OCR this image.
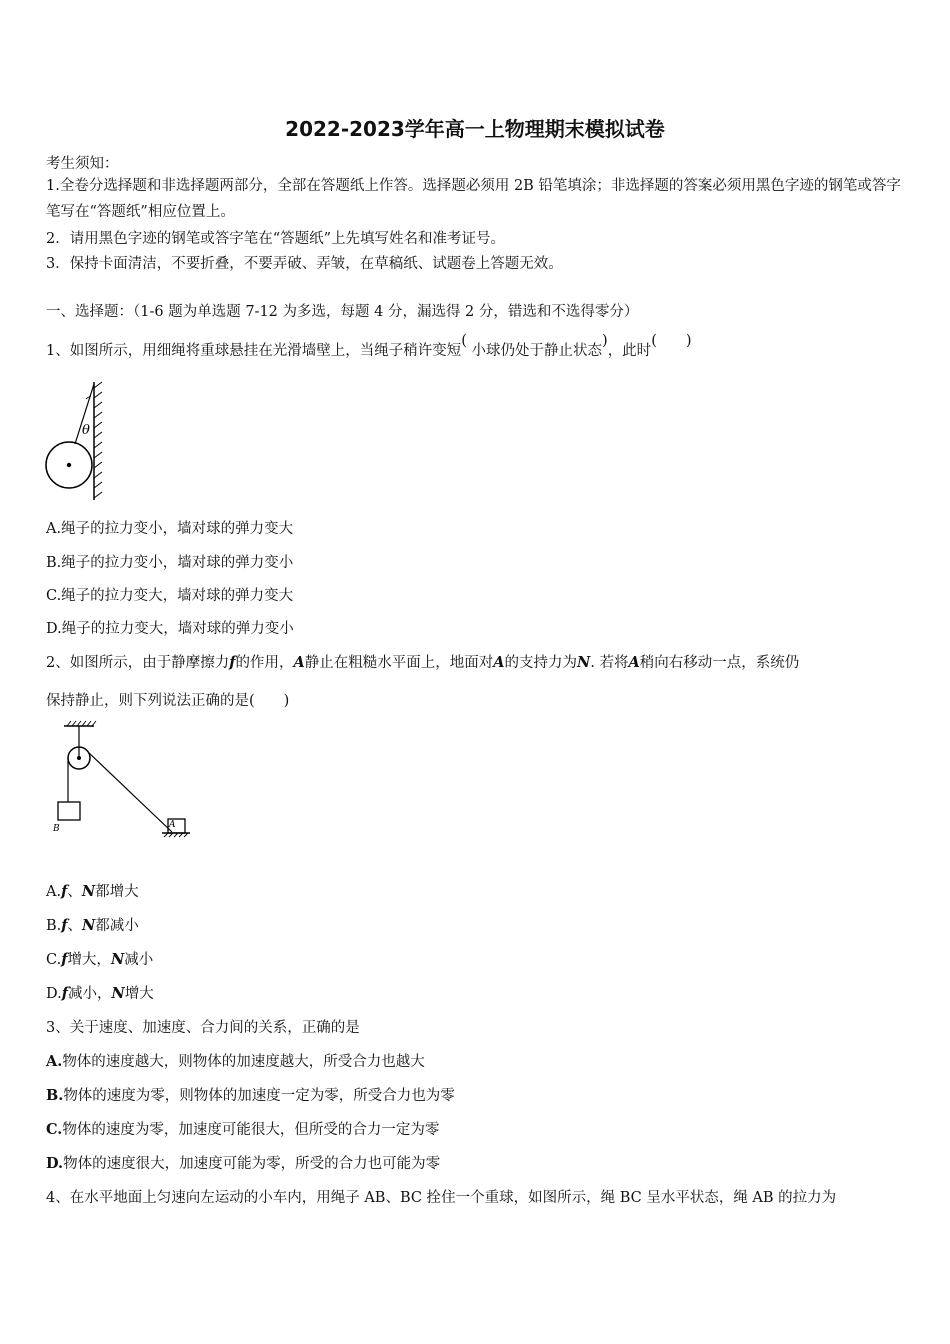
2022-2023学年高一上物理期末模拟试卷
考生须知：
1.全卷分选择题和非选择题两部分，全部在答题纸上作答。选择题必须用 2B 铅笔填涂；非选择题的答案必须用黑色字迹的钢笔或答字笔写在“答题纸”相应位置上。
2．请用黑色字迹的钢笔或答字笔在“答题纸”上先填写姓名和准考证号。
3．保持卡面清洁，不要折叠，不要弄破、弄皱，在草稿纸、试题卷上答题无效。
一、选择题：（1-6 题为单选题 7-12 为多选，每题 4 分，漏选得 2 分，错选和不选得零分）
1、如图所示，用细绳将重球悬挂在光滑墙壁上，当绳子稍许变短( 小球仍处于静止状态)，此时(　　)
θ
A.绳子的拉力变小，墙对球的弹力变大
B.绳子的拉力变小，墙对球的弹力变小
C.绳子的拉力变大，墙对球的弹力变大
D.绳子的拉力变大，墙对球的弹力变小
2、如图所示，由于静摩擦力f的作用，A静止在粗糙水平面上，地面对A的支持力为N. 若将A稍向右移动一点，系统仍
保持静止，则下列说法正确的是(　　)
B	A
A.f、N都增大
B.f、N都减小
C.f增大，N减小
D.f减小，N增大
3、关于速度、加速度、合力间的关系，正确的是
A.物体的速度越大，则物体的加速度越大，所受合力也越大
B.物体的速度为零，则物体的加速度一定为零，所受合力也为零
C.物体的速度为零，加速度可能很大，但所受的合力一定为零
D.物体的速度很大，加速度可能为零，所受的合力也可能为零
4、在水平地面上匀速向左运动的小车内，用绳子 AB、BC 拴住一个重球，如图所示，绳 BC 呈水平状态，绳 AB 的拉力为
